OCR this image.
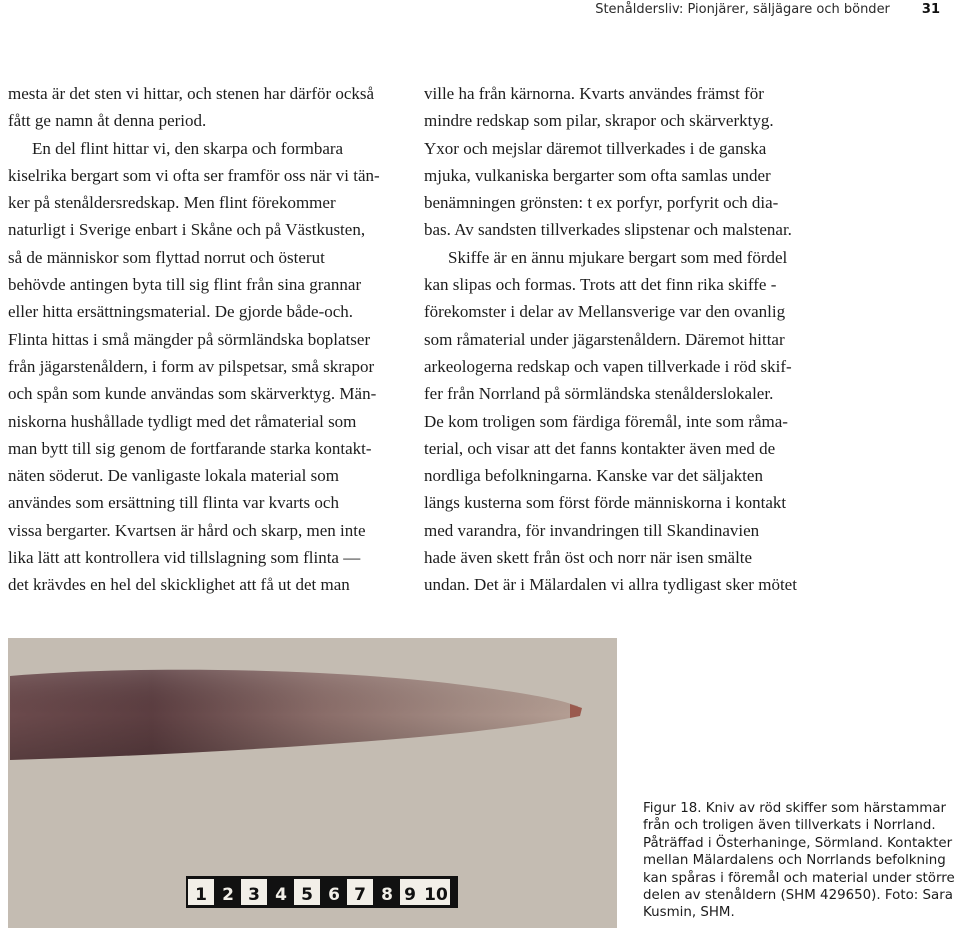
Stenåldersliv: Pionjärer, säljägare och bönder 31

mesta är det sten vi hittar, och stenen har därför också
fått ge namn åt denna period.

En del flint hittar vi, den skarpa och formbara
kiselrika bergart som vi ofta ser framför oss när vi tän-
ker på stenåldersredskap. Men flint förekommer
naturligt i Sverige enbart i Skåne och på Västkusten,
så de människor som flyttad norrut och österut
behövde antingen byta till sig flint från sina grannar
eller hitta ersättningsmaterial. De gjorde både-och.
Flinta hittas i små mängder på sörmländska boplatser
från jägarstenåldern, i form av pilspetsar, små skrapor
och spån som kunde användas som skärverktyg. Män-
niskorna hushållade tydligt med det råmaterial som
man bytt till sig genom de fortfarande starka kontakt-
näten söderut. De vanligaste lokala material som
användes som ersättning till flinta var kvarts och
vissa bergarter. Kvartsen är hård och skarp, men inte
lika lätt att kontrollera vid tillslagning som flinta —
det krävdes en hel del skicklighet att få ut det man

ville ha från kärnorna. Kvarts användes främst för
mindre redskap som pilar, skrapor och skärverktyg.
Yxor och mejslar däremot tillverkades i de ganska
mjuka, vulkaniska bergarter som ofta samlas under
benämningen grönsten: t ex porfyr, porfyrit och dia-
bas. Av sandsten tillverkades slipstenar och malstenar.

Skiffe är en ännu mjukare bergart som med fördel
kan slipas och formas. Trots att det finn rika skiffe -
förekomster i delar av Mellansverige var den ovanlig
som råmaterial under jägarstenåldern. Däremot hittar
arkeologerna redskap och vapen tillverkade i röd skif-
fer från Norrland på sörmländska stenålderslokaler.
De kom troligen som färdiga föremål, inte som råma-
terial, och visar att det fanns kontakter även med de
nordliga befolkningarna. Kanske var det säljakten
längs kusterna som först förde människorna i kontakt
med varandra, för invandringen till Skandinavien
hade även skett från öst och norr när isen smälte
undan. Det är i Mälardalen vi allra tydligast sker mötet

1 2 3 4 5 6 7 8 9 10

Figur 18. Kniv av röd skiffer som härstammar
från och troligen även tillverkats i Norrland.
Påträffad i Österhaninge, Sörmland. Kontakter
mellan Mälardalens och Norrlands befolkning
kan spåras i föremål och material under större
delen av stenåldern (SHM 429650). Foto: Sara
Kusmin, SHM.
